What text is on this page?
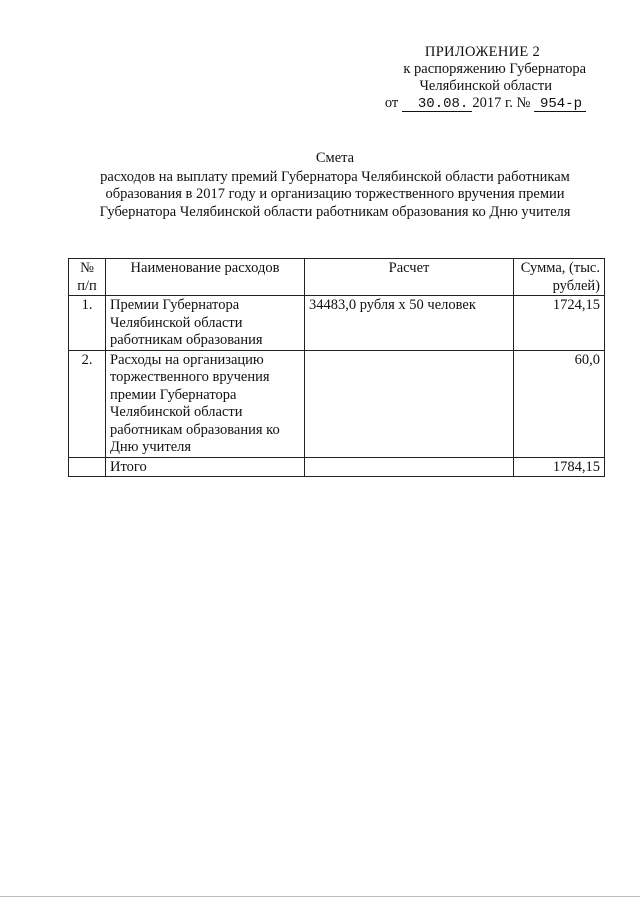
ПРИЛОЖЕНИЕ 2
к распоряжению Губернатора
Челябинской области
от 30.08. 2017 г. № 954-р
Смета
расходов на выплату премий Губернатора Челябинской области работникам
образования в 2017 году и организацию торжественного вручения премии
Губернатора Челябинской области работникам образования ко Дню учителя
№ п/п	Наименование расходов	Расчет	Сумма, (тыс. рублей)
1.	Премии Губернатора Челябинской области работникам образования	34483,0 рубля х 50 человек	1724,15
2.	Расходы на организацию торжественного вручения премии Губернатора Челябинской области работникам образования ко Дню учителя		60,0
	Итого		1784,15
